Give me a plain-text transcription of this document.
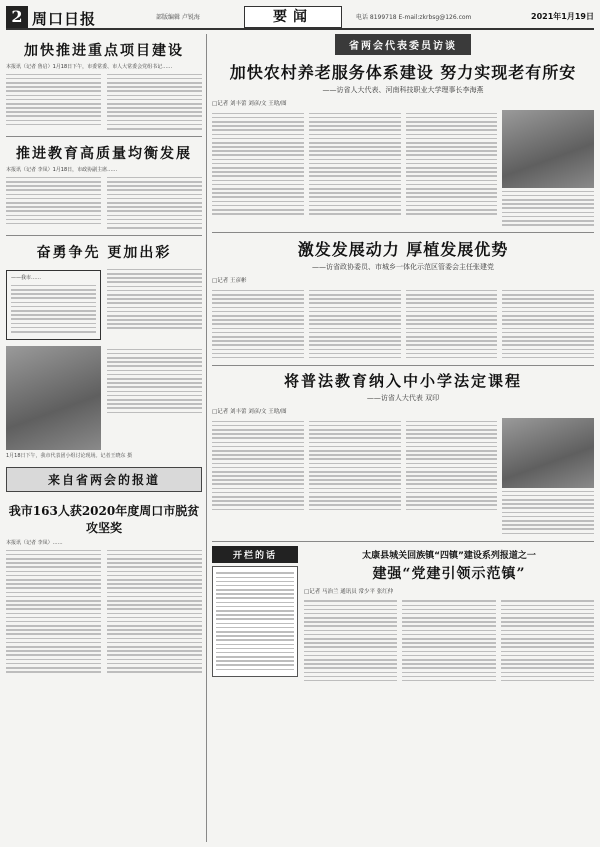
2 周口日报	部版编辑 卢锐海	要闻	电话 8199718 E-mail:zkrbsg@126.com	2021年1月19日
加快推进重点项目建设
本报讯（记者 鲁启）1月18日下午，市委常委、市人大常委会党组书记……
推进教育高质量均衡发展
本报讯（记者 李凤）1月18日，市政协副主席……
奋勇争先 更加出彩
——我市……
1月18日下午，我市代表团小组讨论现场。记者王晓东 摄
来自省两会的报道
我市163人获2020年度周口市脱贫攻坚奖
本报讯（记者 李凤）……
省两会代表委员访谈
加快农村养老服务体系建设 努力实现老有所安
——访省人大代表、河南科技职业大学理事长李海燕
□记者 刘丰蕾 刘彦/文 王晗/图
激发发展动力 厚植发展优势
——访省政协委员、市城乡一体化示范区管委会主任张建党
□记者 王彦彬
将普法教育纳入中小学法定课程
——访省人大代表 双印
□记者 刘丰蕾 刘彦/文 王晗/图
开栏的话	太康县城关回族镇“四镇”建设系列报道之一
建强“党建引领示范镇”
□记者 马治兰 通讯员 常少平 张红仲
